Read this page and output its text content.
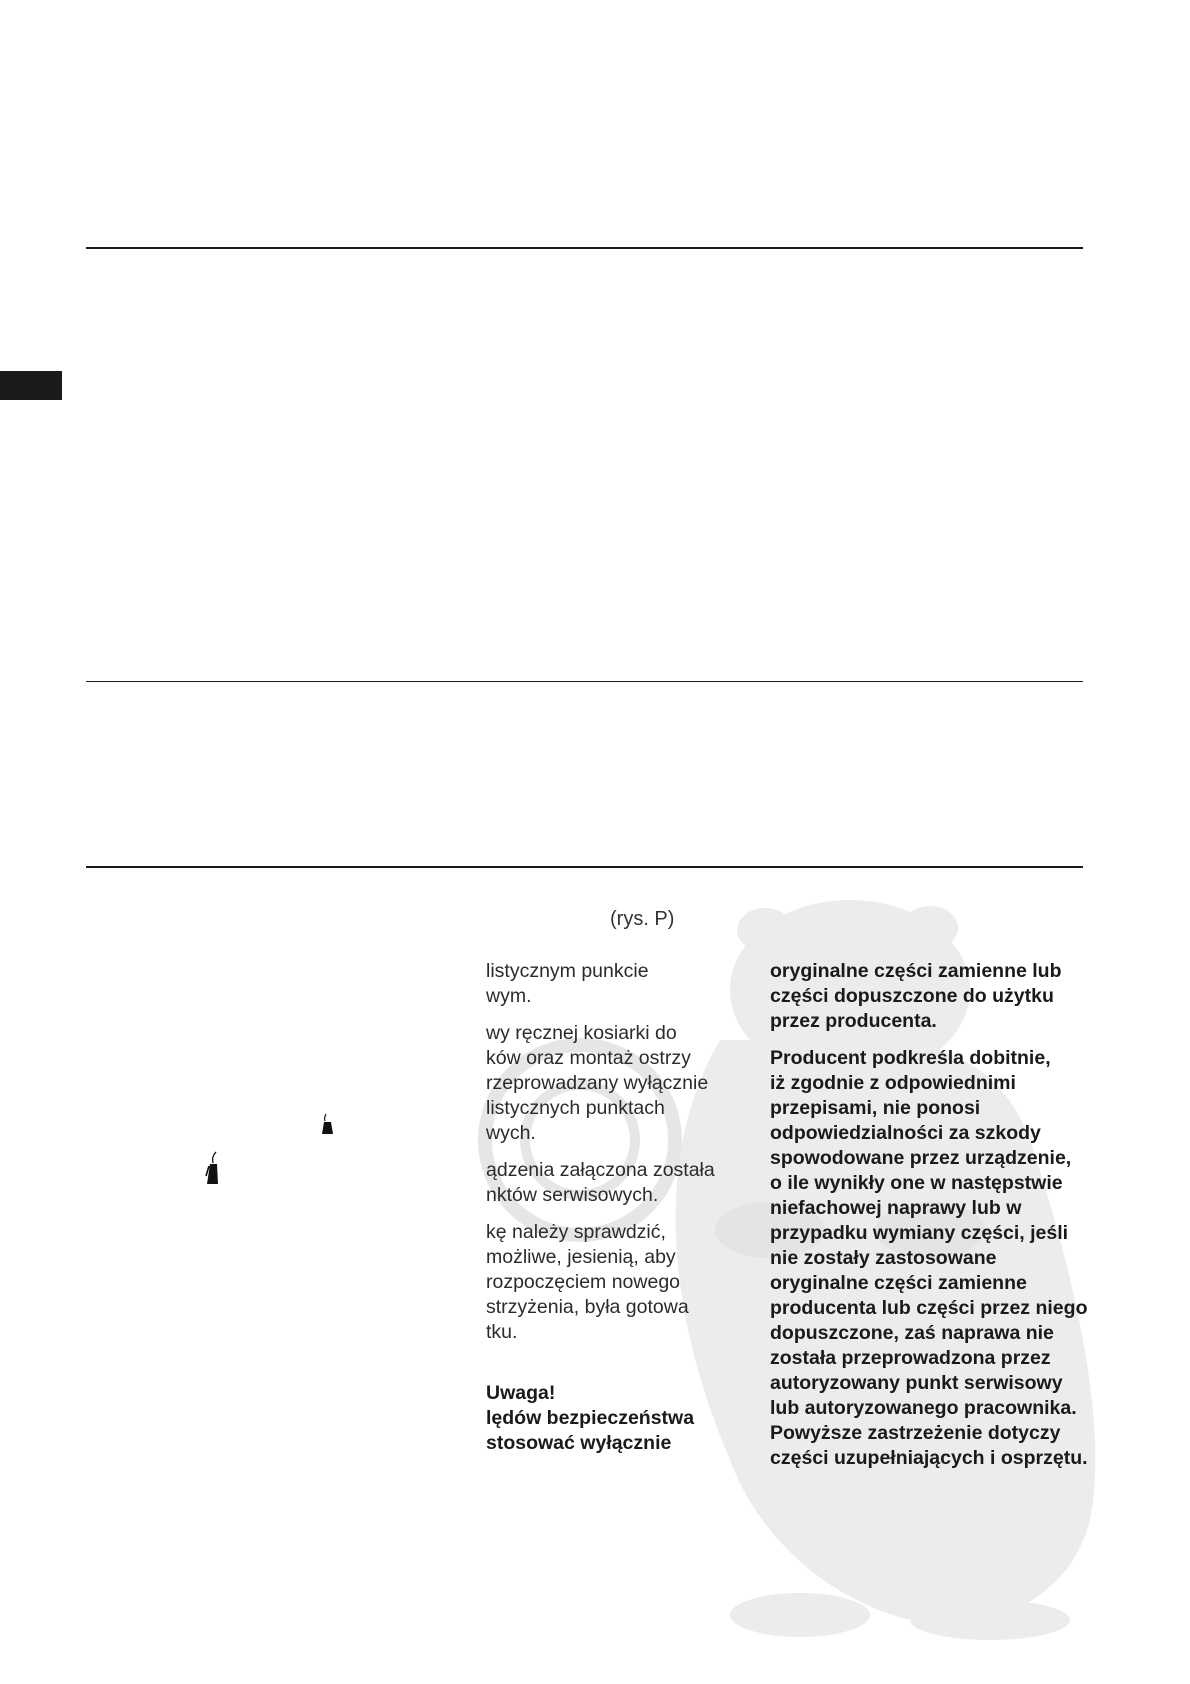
(rys. P)
listycznym punkcie
wym.
wy ręcznej kosiarki do
ków oraz montaż ostrzy
rzeprowadzany wyłącznie
listycznych punktach
wych.
ądzenia załączona została
nktów serwisowych.
kę należy sprawdzić,
możliwe, jesienią, aby
rozpoczęciem nowego
strzyżenia, była gotowa
tku.
Uwaga!
lędów bezpieczeństwa
stosować wyłącznie
oryginalne części zamienne lub
części dopuszczone do użytku
przez producenta.
Producent podkreśla dobitnie,
iż zgodnie z odpowiednimi
przepisami, nie ponosi
odpowiedzialności za szkody
spowodowane przez urządzenie,
o ile wynikły one w następstwie
niefachowej naprawy lub w
przypadku wymiany części, jeśli
nie zostały zastosowane
oryginalne części zamienne
producenta lub części przez niego
dopuszczone, zaś naprawa nie
została przeprowadzona przez
autoryzowany punkt serwisowy
lub autoryzowanego pracownika.
Powyższe zastrzeżenie dotyczy
części uzupełniających i osprzętu.
